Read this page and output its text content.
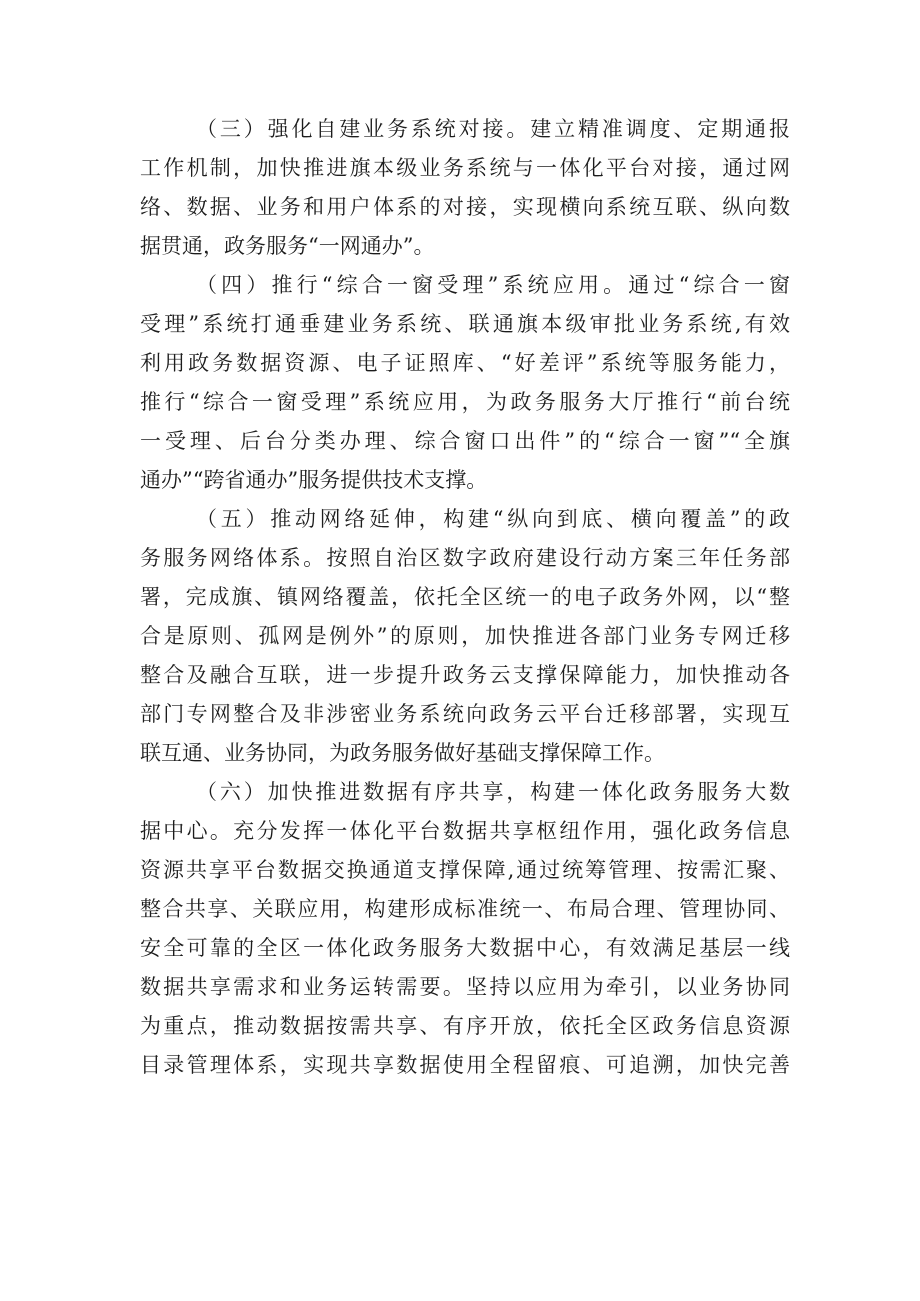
（三）强化自建业务系统对接。建立精准调度、定期通报
工作机制，加快推进旗本级业务系统与一体化平台对接，通过网
络、数据、业务和用户体系的对接，实现横向系统互联、纵向数
据贯通，政务服务“一网通办”。
（四）推行“综合一窗受理”系统应用。通过“综合一窗
受理”系统打通垂建业务系统、联通旗本级审批业务系统,有效
利用政务数据资源、电子证照库、“好差评”系统等服务能力，
推行“综合一窗受理”系统应用，为政务服务大厅推行“前台统
一受理、后台分类办理、综合窗口出件”的“综合一窗”“全旗
通办”“跨省通办”服务提供技术支撑。
（五）推动网络延伸，构建“纵向到底、横向覆盖”的政
务服务网络体系。按照自治区数字政府建设行动方案三年任务部
署，完成旗、镇网络覆盖，依托全区统一的电子政务外网，以“整
合是原则、孤网是例外”的原则，加快推进各部门业务专网迁移
整合及融合互联，进一步提升政务云支撑保障能力，加快推动各
部门专网整合及非涉密业务系统向政务云平台迁移部署，实现互
联互通、业务协同，为政务服务做好基础支撑保障工作。
（六）加快推进数据有序共享，构建一体化政务服务大数
据中心。充分发挥一体化平台数据共享枢纽作用，强化政务信息
资源共享平台数据交换通道支撑保障,通过统筹管理、按需汇聚、
整合共享、关联应用，构建形成标准统一、布局合理、管理协同、
安全可靠的全区一体化政务服务大数据中心，有效满足基层一线
数据共享需求和业务运转需要。坚持以应用为牵引，以业务协同
为重点，推动数据按需共享、有序开放，依托全区政务信息资源
目录管理体系，实现共享数据使用全程留痕、可追溯，加快完善
